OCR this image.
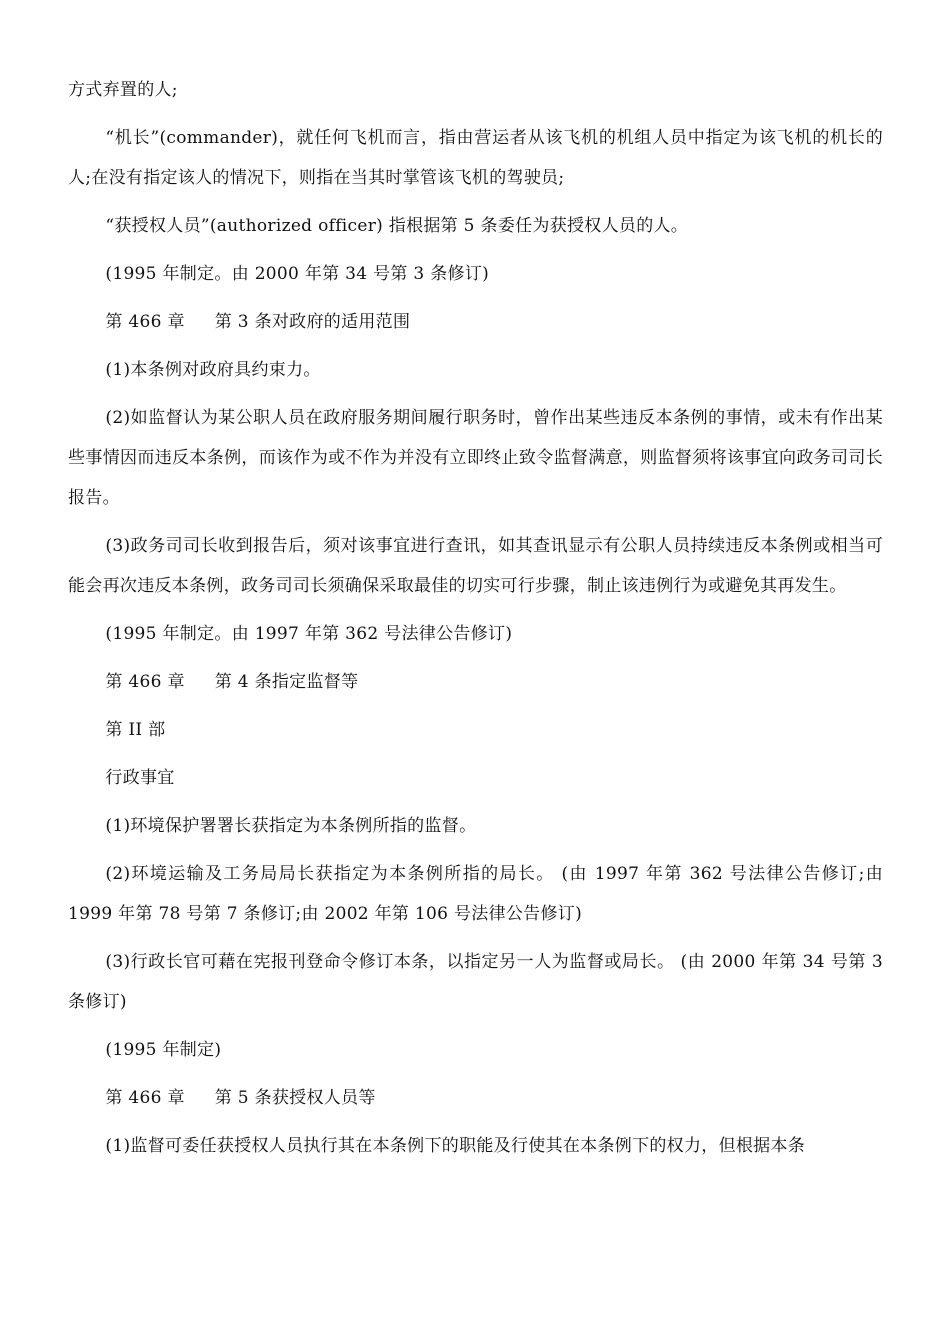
方式弃置的人;

“机长”(commander)，就任何飞机而言，指由营运者从该飞机的机组人员中指定为该飞机的机长的人;在没有指定该人的情况下，则指在当其时掌管该飞机的驾驶员;

“获授权人员”(authorized officer) 指根据第 5 条委任为获授权人员的人。

(1995 年制定。由 2000 年第 34 号第 3 条修订)

第 466 章 第 3 条对政府的适用范围

(1)本条例对政府具约束力。

(2)如监督认为某公职人员在政府服务期间履行职务时，曾作出某些违反本条例的事情，或未有作出某些事情因而违反本条例，而该作为或不作为并没有立即终止致令监督满意，则监督须将该事宜向政务司司长报告。

(3)政务司司长收到报告后，须对该事宜进行查讯，如其查讯显示有公职人员持续违反本条例或相当可能会再次违反本条例，政务司司长须确保采取最佳的切实可行步骤，制止该违例行为或避免其再发生。

(1995 年制定。由 1997 年第 362 号法律公告修订)

第 466 章 第 4 条指定监督等

第 II 部

行政事宜

(1)环境保护署署长获指定为本条例所指的监督。

(2)环境运输及工务局局长获指定为本条例所指的局长。 (由 1997 年第 362 号法律公告修订;由 1999 年第 78 号第 7 条修订;由 2002 年第 106 号法律公告修订)

(3)行政长官可藉在宪报刊登命令修订本条，以指定另一人为监督或局长。 (由 2000 年第 34 号第 3 条修订)

(1995 年制定)

第 466 章 第 5 条获授权人员等

(1)监督可委任获授权人员执行其在本条例下的职能及行使其在本条例下的权力，但根据本条
